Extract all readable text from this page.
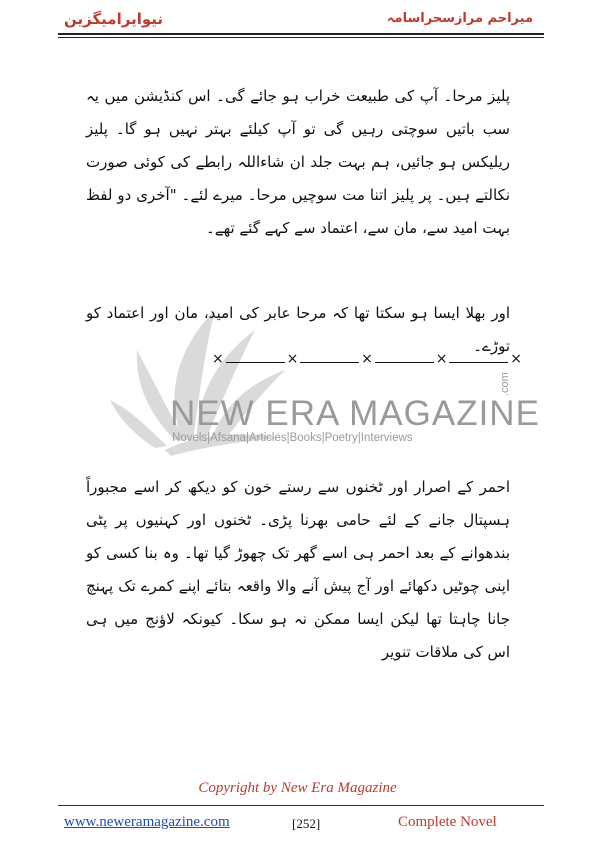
نیوایرامیگزین	میراحم مرازسحراسامہ
NEW ERA MAGAZINE
.com
Novels|Afsana|Articles|Books|Poetry|Interviews

پلیز مرحا۔ آپ کی طبیعت خراب ہو جائے گی۔ اس کنڈیشن میں یہ سب باتیں سوچتی رہیں گی تو آپ کیلئے بہتر نہیں ہو گا۔ پلیز ریلیکس ہو جائیں، ہم بہت جلد ان شاءاللہ رابطے کی کوئی صورت نکالتے ہیں۔ پر پلیز اتنا مت سوچیں مرحا۔ میرے لئے۔ "آخری دو لفظ بہت امید سے، مان سے، اعتماد سے کہے گئے تھے۔

اور بھلا ایسا ہو سکتا تھا کہ مرحا عابر کی امید، مان اور اعتماد کو توڑے۔

×	×	×	×	×

احمر کے اصرار اور ٹخنوں سے رستے خون کو دیکھ کر اسے مجبوراً ہسپتال جانے کے لئے حامی بھرنا پڑی۔ ٹخنوں اور کہنیوں پر پٹی بندھوانے کے بعد احمر ہی اسے گھر تک چھوڑ گیا تھا۔ وہ بنا کسی کو اپنی چوٹیں دکھائے اور آج پیش آنے والا واقعہ بتائے اپنے کمرے تک پہنچ جانا چاہتا تھا لیکن ایسا ممکن نہ ہو سکا۔ کیونکہ لاؤنج میں ہی اس کی ملاقات تنویر

Copyright by New Era Magazine
www.neweramagazine.com	[252]	Complete Novel
